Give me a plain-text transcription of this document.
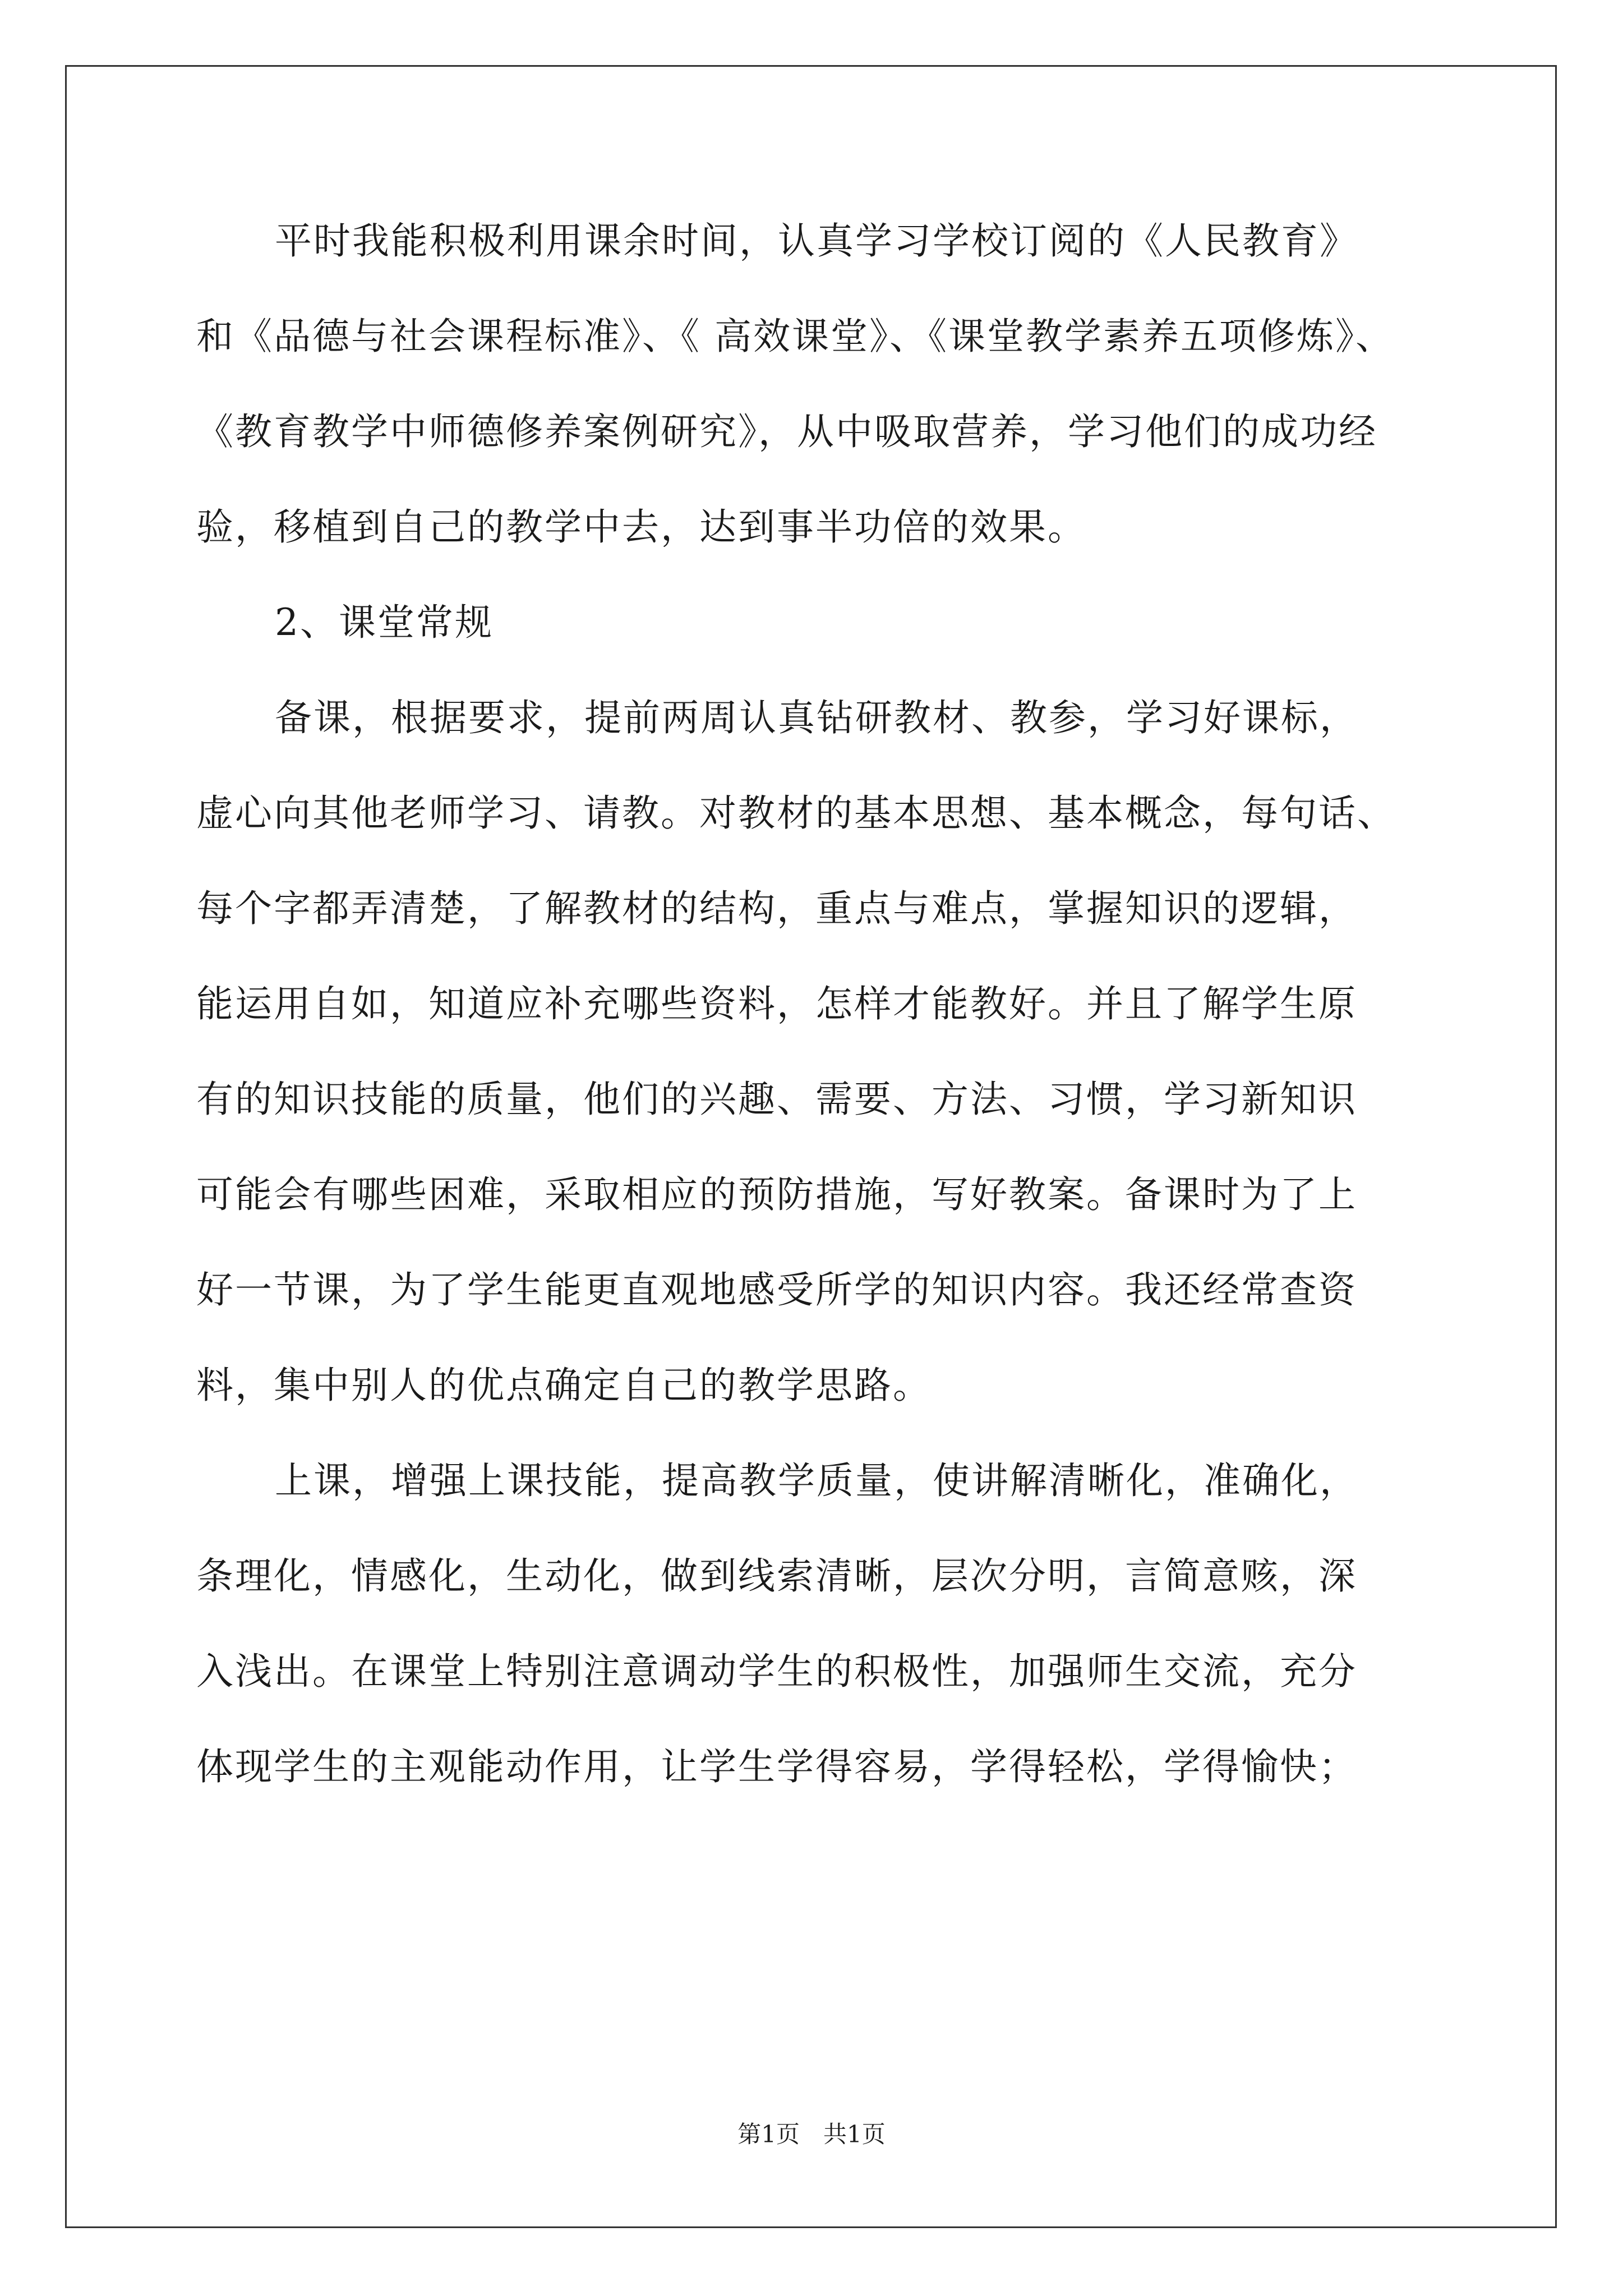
平时我能积极利用课余时间，认真学习学校订阅的《人民教育》
和《品德与社会课程标准》、《 高效课堂》、《课堂教学素养五项修炼》、
《教育教学中师德修养案例研究》，从中吸取营养，学习他们的成功经
验，移植到自己的教学中去，达到事半功倍的效果。
2、课堂常规
备课，根据要求，提前两周认真钻研教材、教参，学习好课标，
虚心向其他老师学习、请教。对教材的基本思想、基本概念，每句话、
每个字都弄清楚，了解教材的结构，重点与难点，掌握知识的逻辑，
能运用自如，知道应补充哪些资料，怎样才能教好。并且了解学生原
有的知识技能的质量，他们的兴趣、需要、方法、习惯，学习新知识
可能会有哪些困难，采取相应的预防措施，写好教案。备课时为了上
好一节课，为了学生能更直观地感受所学的知识内容。我还经常查资
料，集中别人的优点确定自己的教学思路。
上课，增强上课技能，提高教学质量，使讲解清晰化，准确化，
条理化，情感化，生动化，做到线索清晰，层次分明，言简意赅，深
入浅出。在课堂上特别注意调动学生的积极性，加强师生交流，充分
体现学生的主观能动作用，让学生学得容易，学得轻松，学得愉快；
第1页　共1页
